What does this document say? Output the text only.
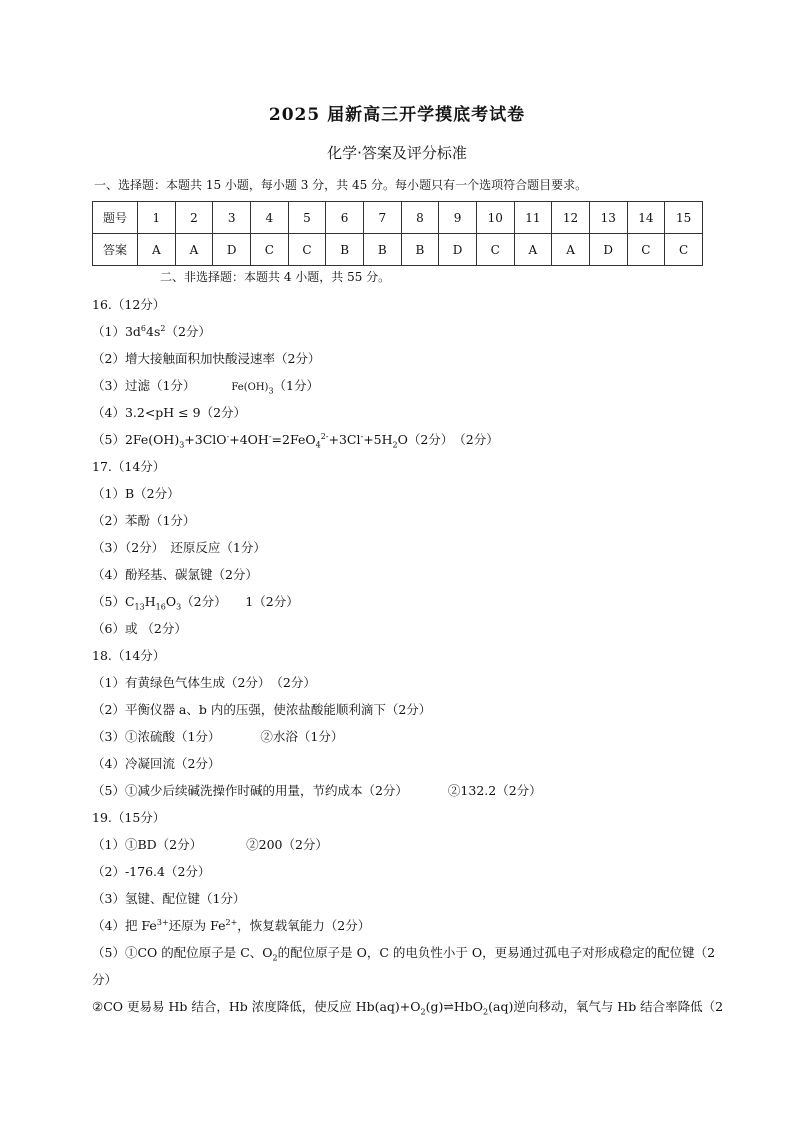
2025 届新高三开学摸底考试卷
化学·答案及评分标准
一、选择题：本题共 15 小题，每小题 3 分，共 45 分。每小题只有一个选项符合题目要求。
题号	1	2	3	4	5	6	7	8	9	10	11	12	13	14	15
答案	A	A	D	C	C	B	B	B	D	C	A	A	D	C	C
二、非选择题：本题共 4 小题，共 55 分。
16.（12分）
$(1)3d^64s^2(2$分）
（2）增大接触面积加快酸浸速率（2分）
（3）过滤（1分）	$Fe(OH)_3(1$分）
（4）3.2<pH ≤ 9（2分）
$(5)2Fe(OH)_3+3ClO^-+4OH^-=2FeO_4^{2-}+3Cl^-+5H_2O(2$分）　（2分）
17.（14分）
（1）B（2分）
（2）苯酚（1分）
（3）（2分）　还原反应（1分）
（4）酚羟基、碳氯键（2分）
$(5)C_{13}H_{16}O_3(2$分）　　1（2分）
（6）或 （2分）
18.（14分）
（1）有黄绿色气体生成（2分）　（2分）
（2）平衡仪器 a、b 内的压强，使浓盐酸能顺利滴下（2分）
（3）①浓硫酸（1分）	②水浴（1分）
（4）冷凝回流（2分）
（5）①减少后续碱洗操作时碱的用量，节约成本（2分）	②132.2（2分）
19.（15分）
（1）①BD（2分）	②200（2分）
（2）-176.4（2分）
（3）氢键、配位键（1分）
（4）把 $Fe^{3+}$还原为 $Fe^{2+}$，恢复载氧能力（2分）
（5）①CO 的配位原子是 C、$O_2$的配位原子是 O，C 的电负性小于 O，更易通过孤电子对形成稳定的配位键（2分）
②CO 更易易 Hb 结合，Hb 浓度降低，使反应 $Hb(aq)+O_2(g)\rightleftharpoons HbO_2(aq)$逆向移动，氧气与 Hb 结合率降低（2
